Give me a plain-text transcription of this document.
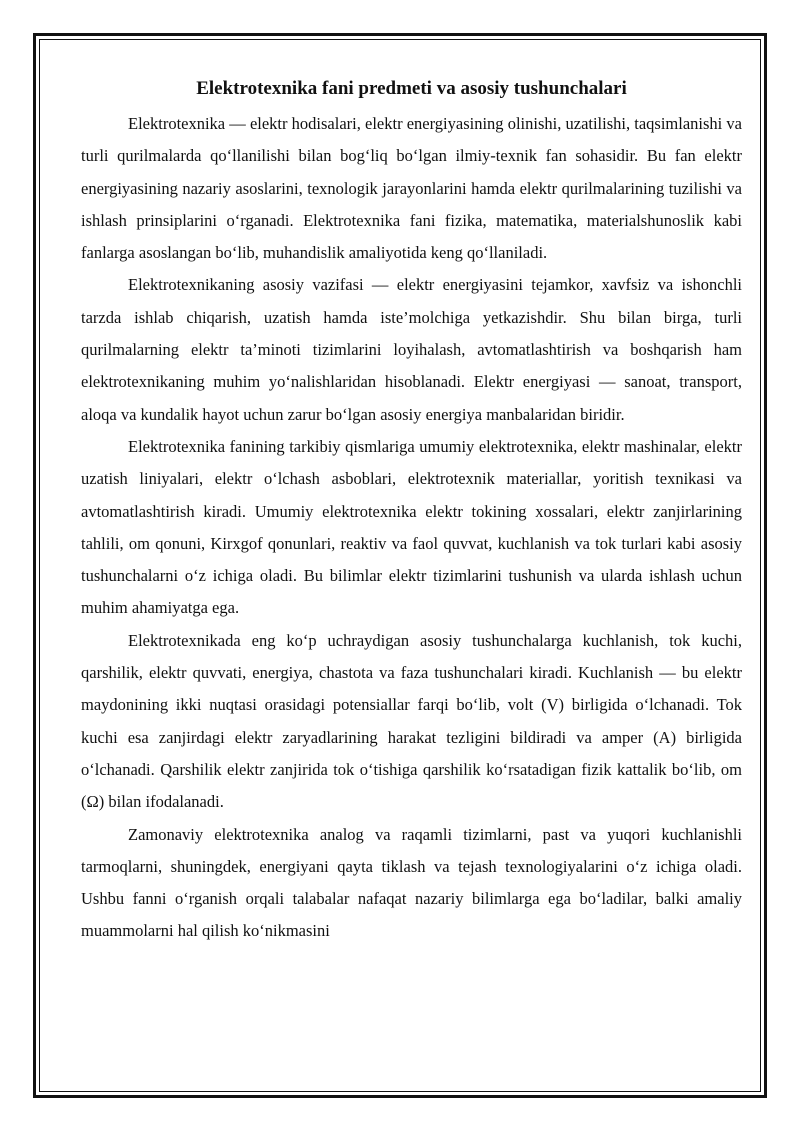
Elektrotexnika fani predmeti va asosiy tushunchalari

Elektrotexnika — elektr hodisalari, elektr energiyasining olinishi, uzatilishi, taqsimlanishi va turli qurilmalarda qo‘llanilishi bilan bog‘liq bo‘lgan ilmiy-texnik fan sohasidir. Bu fan elektr energiyasining nazariy asoslarini, texnologik jarayonlarini hamda elektr qurilmalarining tuzilishi va ishlash prinsiplarini o‘rganadi. Elektrotexnika fani fizika, matematika, materialshunoslik kabi fanlarga asoslangan bo‘lib, muhandislik amaliyotida keng qo‘llaniladi.

Elektrotexnikaning asosiy vazifasi — elektr energiyasini tejamkor, xavfsiz va ishonchli tarzda ishlab chiqarish, uzatish hamda iste’molchiga yetkazishdir. Shu bilan birga, turli qurilmalarning elektr ta’minoti tizimlarini loyihalash, avtomatlashtirish va boshqarish ham elektrotexnikaning muhim yo‘nalishlaridan hisoblanadi. Elektr energiyasi — sanoat, transport, aloqa va kundalik hayot uchun zarur bo‘lgan asosiy energiya manbalaridan biridir.

Elektrotexnika fanining tarkibiy qismlariga umumiy elektrotexnika, elektr mashinalar, elektr uzatish liniyalari, elektr o‘lchash asboblari, elektrotexnik materiallar, yoritish texnikasi va avtomatlashtirish kiradi. Umumiy elektrotexnika elektr tokining xossalari, elektr zanjirlarining tahlili, om qonuni, Kirxgof qonunlari, reaktiv va faol quvvat, kuchlanish va tok turlari kabi asosiy tushunchalarni o‘z ichiga oladi. Bu bilimlar elektr tizimlarini tushunish va ularda ishlash uchun muhim ahamiyatga ega.

Elektrotexnikada eng ko‘p uchraydigan asosiy tushunchalarga kuchlanish, tok kuchi, qarshilik, elektr quvvati, energiya, chastota va faza tushunchalari kiradi. Kuchlanish — bu elektr maydonining ikki nuqtasi orasidagi potensiallar farqi bo‘lib, volt (V) birligida o‘lchanadi. Tok kuchi esa zanjirdagi elektr zaryadlarining harakat tezligini bildiradi va amper (A) birligida o‘lchanadi. Qarshilik elektr zanjirida tok o‘tishiga qarshilik ko‘rsatadigan fizik kattalik bo‘lib, om (Ω) bilan ifodalanadi.

Zamonaviy elektrotexnika analog va raqamli tizimlarni, past va yuqori kuchlanishli tarmoqlarni, shuningdek, energiyani qayta tiklash va tejash texnologiyalarini o‘z ichiga oladi. Ushbu fanni o‘rganish orqali talabalar nafaqat nazariy bilimlarga ega bo‘ladilar, balki amaliy muammolarni hal qilish ko‘nikmasini
